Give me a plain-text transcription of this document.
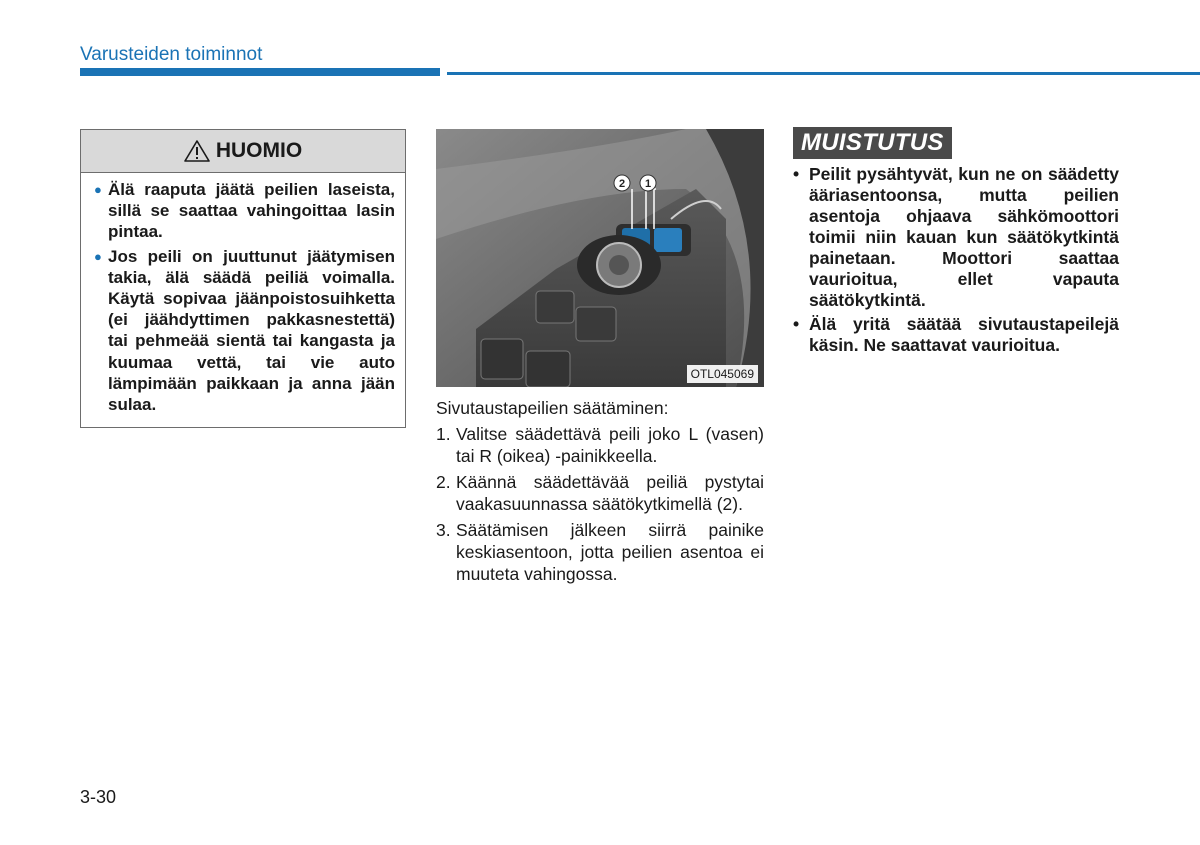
Varusteiden toiminnot
HUOMIO
● Älä raaputa jäätä peilien laseista, sillä se saattaa vahingoittaa lasin pintaa.
● Jos peili on juuttunut jäätymisen takia, älä säädä peiliä voimalla. Käytä sopivaa jäänpoistosuihketta (ei jäähdyttimen pakkasnestettä) tai pehmeää sientä tai kangasta ja kuumaa vettä, tai vie auto lämpimään paikkaan ja anna jään sulaa.
2 1
OTL045069

Sivutaustapeilien säätäminen:

1. Valitse säädettävä peili joko L (vasen) tai R (oikea) -painikkeella.
2. Käännä säädettävää peiliä pystytai vaakasuunnassa säätökytkimellä (2).
3. Säätämisen jälkeen siirrä painike keskiasentoon, jotta peilien asentoa ei muuteta vahingossa.
MUISTUTUS
• Peilit pysähtyvät, kun ne on säädetty ääriasentoonsa, mutta peilien asentoja ohjaava sähkömoottori toimii niin kauan kun säätökytkintä painetaan. Moottori saattaa vaurioitua, ellet vapauta säätökytkintä.
• Älä yritä säätää sivutaustapeilejä käsin. Ne saattavat vaurioitua.
3-30
